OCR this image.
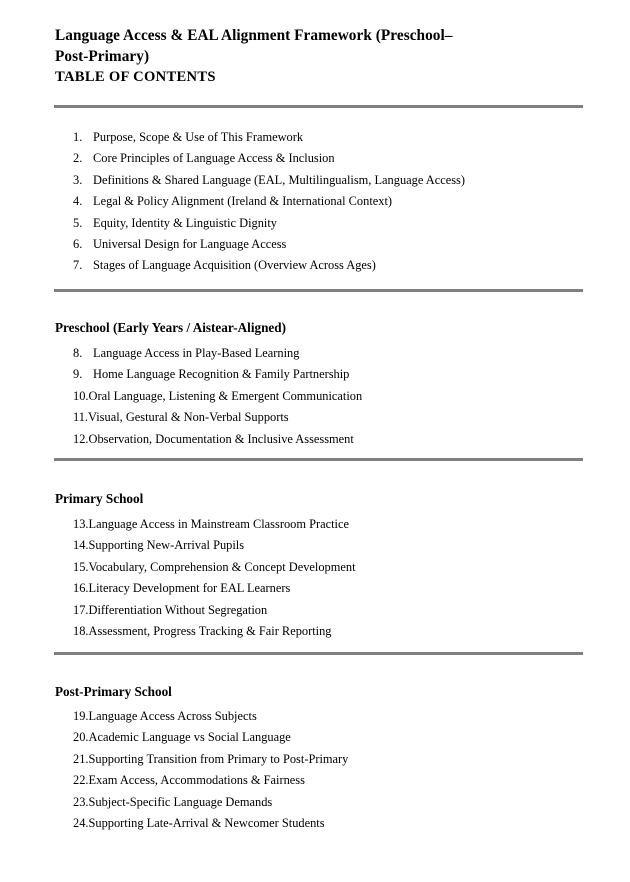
Language Access & EAL Alignment Framework (Preschool–
Post-Primary)
TABLE OF CONTENTS
1. Purpose, Scope & Use of This Framework
2. Core Principles of Language Access & Inclusion
3. Definitions & Shared Language (EAL, Multilingualism, Language Access)
4. Legal & Policy Alignment (Ireland & International Context)
5. Equity, Identity & Linguistic Dignity
6. Universal Design for Language Access
7. Stages of Language Acquisition (Overview Across Ages)
Preschool (Early Years / Aistear-Aligned)
8. Language Access in Play-Based Learning
9. Home Language Recognition & Family Partnership
10. Oral Language, Listening & Emergent Communication
11. Visual, Gestural & Non-Verbal Supports
12. Observation, Documentation & Inclusive Assessment
Primary School
13. Language Access in Mainstream Classroom Practice
14. Supporting New-Arrival Pupils
15. Vocabulary, Comprehension & Concept Development
16. Literacy Development for EAL Learners
17. Differentiation Without Segregation
18. Assessment, Progress Tracking & Fair Reporting
Post-Primary School
19. Language Access Across Subjects
20. Academic Language vs Social Language
21. Supporting Transition from Primary to Post-Primary
22. Exam Access, Accommodations & Fairness
23. Subject-Specific Language Demands
24. Supporting Late-Arrival & Newcomer Students
